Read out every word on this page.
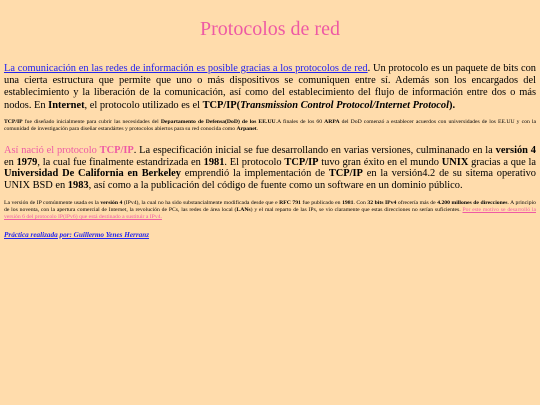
Protocolos de red

La comunicación en las redes de información es posible gracias a los protocolos de red. Un protocolo es un paquete de bits con una cierta estructura que permite que uno o más dispositivos se comuniquen entre sí. Además son los encargados del establecimiento y la liberación de la comunicación, así como del establecimiento del flujo de información entre dos o más nodos. En Internet, el protocolo utilizado es el TCP/IP(Transmission Control Protocol/Internet Protocol).

TCP/IP fue diseñado inicialmente para cubrir las necesidades del Departamento de Defensa(DoD) de los EE.UU.A finales de los 60 ARPA del DoD comenzó a establecer acuerdos con universidades de los EE.UU y con la comunidad de investigación para diseñar estandártes y protocolos abiertos para su red conocida como Arpanet.

Así nació el protocolo TCP/IP. La especificación inicial se fue desarrollando en varias versiones, culminanado en la versión 4 en 1979, la cual fue finalmente estandrizada en 1981. El protocolo TCP/IP tuvo gran éxito en el mundo UNIX gracias a que la Universidad De California en Berkeley emprendió la implementación de TCP/IP en la versión4.2 de su sitema operativo UNIX BSD en 1983, así como a la publicación del código de fuente como un software en un dominio público.

La versión de IP comúnmente usada es la versión 4 (IPv4), la cual no ha sido substancialmente modificada desde que e RFC 791 fue publicado en 1981. Con 32 bits IPv4 ofrecería más de 4.200 millones de direcciones. A principio de los noventa, con la apertura comercial de Internet, la revolución de PCs, las redes de área local (LANs) y el mal reparto de las IPs, se vio claramente que estas direcciones no serían suficientes. Por este motivo se desarrolló la versión 6 del protocolo IP(IPv6) que está destinado a sustituir a IPv4.

Práctica realizada por: Guillermo Yenes Herranz
